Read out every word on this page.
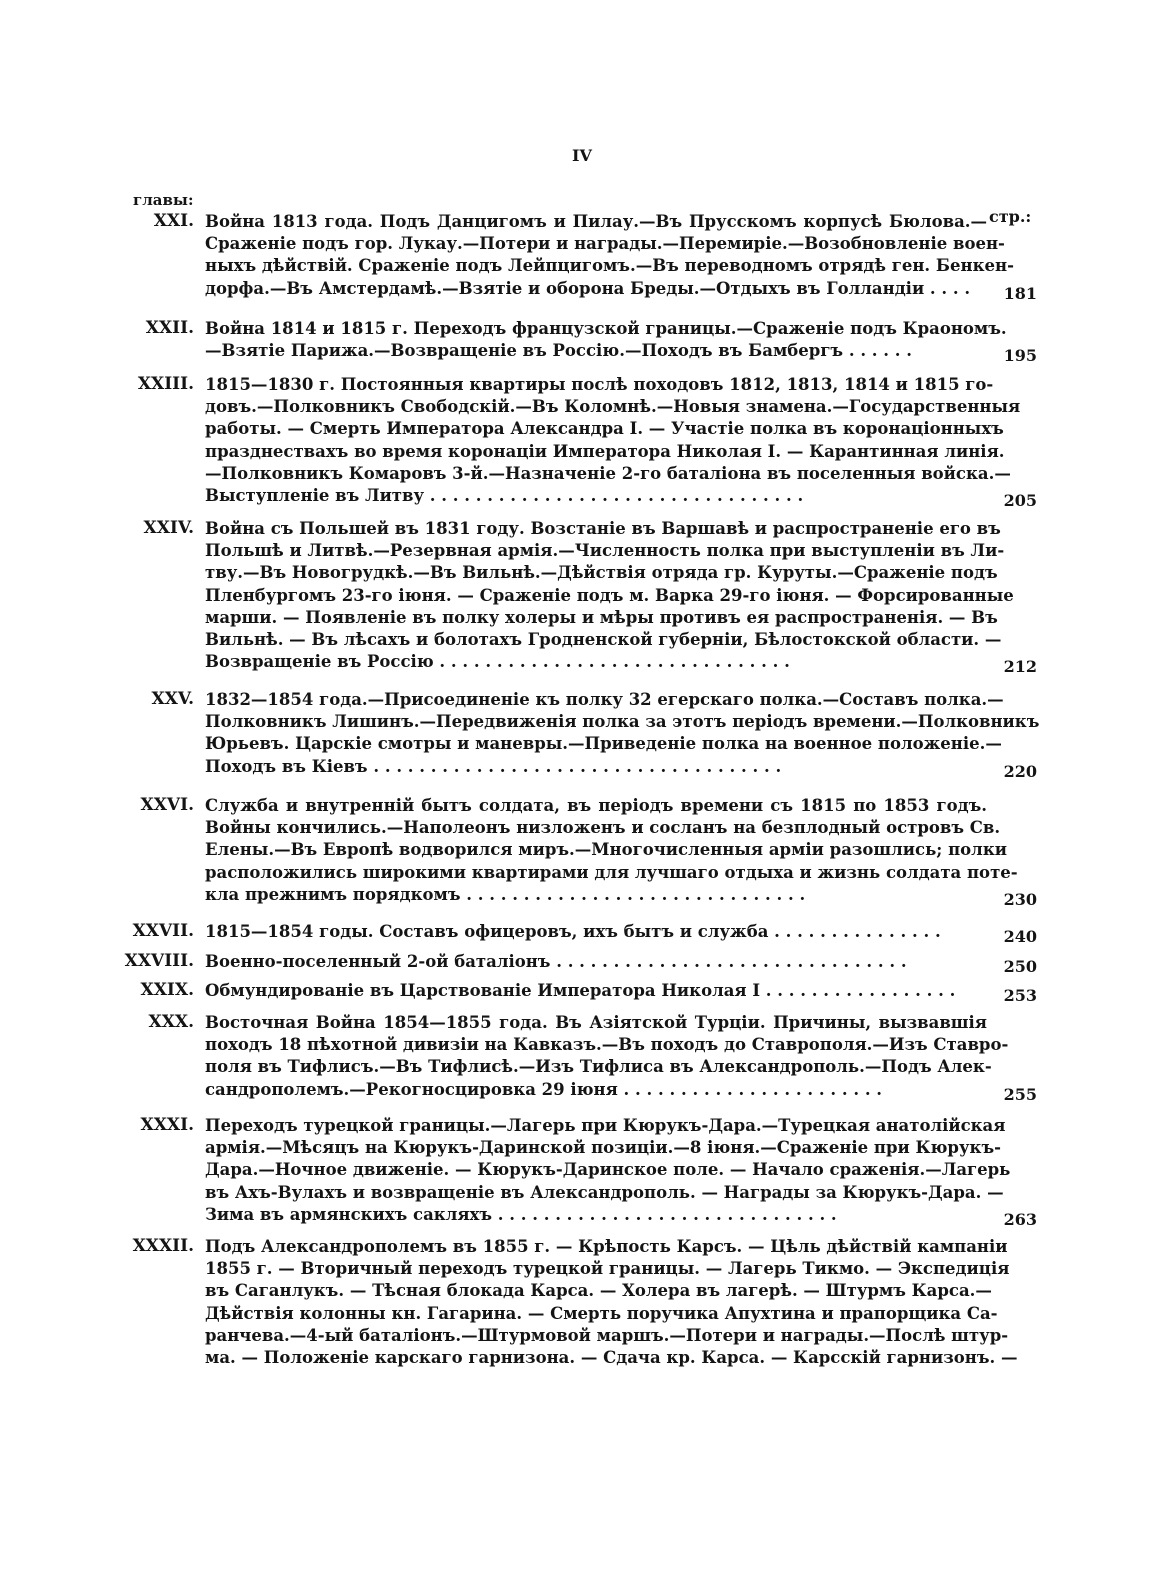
IV
главы:
стр.:
XXI. Война 1813 года. Подъ Данцигомъ и Пилау.—Въ Прусскомъ корпусѣ Бюлова.—
Сраженіе подъ гор. Лукау.—Потери и награды.—Перемиріе.—Возобновленіе воен-
ныхъ дѣйствій. Сраженіе подъ Лейпцигомъ.—Въ переводномъ отрядѣ ген. Бенкен-
дорфа.—Въ Амстердамѣ.—Взятіе и оборона Бреды.—Отдыхъ въ Голландіи . . . .	181
XXII. Война 1814 и 1815 г. Переходъ французской границы.—Сраженіе подъ Краономъ.
—Взятіе Парижа.—Возвращеніе въ Россію.—Походъ въ Бамбергъ . . . . . .	195
XXIII. 1815—1830 г. Постоянныя квартиры послѣ походовъ 1812, 1813, 1814 и 1815 го-
довъ.—Полковникъ Свободскій.—Въ Коломнѣ.—Новыя знамена.—Государственныя
работы. — Смерть Императора Александра I. — Участіе полка въ коронаціонныхъ
празднествахъ во время коронаціи Императора Николая I. — Карантинная линія.
—Полковникъ Комаровъ 3-й.—Назначеніе 2-го баталіона въ поселенныя войска.—
Выступленіе въ Литву . . . . . . . . . . . . . . . . . . . . . . . . . . . . . . . . .	205
XXIV. Война съ Польшей въ 1831 году. Возстаніе въ Варшавѣ и распространеніе его въ
Польшѣ и Литвѣ.—Резервная армія.—Численность полка при выступленіи въ Ли-
тву.—Въ Новогрудкѣ.—Въ Вильнѣ.—Дѣйствія отряда гр. Куруты.—Сраженіе подъ
Пленбургомъ 23-го іюня. — Сраженіе подъ м. Варка 29-го іюня. — Форсированные
марши. — Появленіе въ полку холеры и мѣры противъ ея распространенія. — Въ
Вильнѣ. — Въ лѣсахъ и болотахъ Гродненской губерніи, Бѣлостокской области. —
Возвращеніе въ Россію . . . . . . . . . . . . . . . . . . . . . . . . . . . . . . .	212
XXV. 1832—1854 года.—Присоединеніе къ полку 32 егерскаго полка.—Составъ полка.—
Полковникъ Лишинъ.—Передвиженія полка за этотъ періодъ времени.—Полковникъ
Юрьевъ. Царскіе смотры и маневры.—Приведеніе полка на военное положеніе.—
Походъ въ Кіевъ . . . . . . . . . . . . . . . . . . . . . . . . . . . . . . . . . . . .	220
XXVI. Служба и внутренній бытъ солдата, въ періодъ времени съ 1815 по 1853 годъ.
Войны кончились.—Наполеонъ низложенъ и сосланъ на безплодный островъ Св.
Елены.—Въ Европѣ водворился миръ.—Многочисленныя арміи разошлись; полки
расположились широкими квартирами для лучшаго отдыха и жизнь солдата поте-
кла прежнимъ порядкомъ . . . . . . . . . . . . . . . . . . . . . . . . . . . . . .	230
XXVII. 1815—1854 годы. Составъ офицеровъ, ихъ бытъ и служба . . . . . . . . . . . . . . .	240
XXVIII. Военно-поселенный 2-ой баталіонъ . . . . . . . . . . . . . . . . . . . . . . . . . . . . . . .	250
XXIX. Обмундированіе въ Царствованіе Императора Николая I . . . . . . . . . . . . . . . . .	253
XXX. Восточная Война 1854—1855 года. Въ Азіятской Турціи. Причины, вызвавшія
походъ 18 пѣхотной дивизіи на Кавказъ.—Въ походъ до Ставрополя.—Изъ Ставро-
поля въ Тифлисъ.—Въ Тифлисѣ.—Изъ Тифлиса въ Александрополь.—Подъ Алек-
сандрополемъ.—Рекогносцировка 29 іюня . . . . . . . . . . . . . . . . . . . . . . .	255
XXXI. Переходъ турецкой границы.—Лагерь при Кюрукъ-Дара.—Турецкая анатолійская
армія.—Мѣсяцъ на Кюрукъ-Даринской позиціи.—8 іюня.—Сраженіе при Кюрукъ-
Дара.—Ночное движеніе. — Кюрукъ-Даринское поле. — Начало сраженія.—Лагерь
въ Ахъ-Вулахъ и возвращеніе въ Александрополь. — Награды за Кюрукъ-Дара. —
Зима въ армянскихъ сакляхъ . . . . . . . . . . . . . . . . . . . . . . . . . . . . . .	263
XXXII. Подъ Александрополемъ въ 1855 г. — Крѣпость Карсъ. — Цѣль дѣйствій кампаніи
1855 г. — Вторичный переходъ турецкой границы. — Лагерь Тикмо. — Экспедиція
въ Саганлукъ. — Тѣсная блокада Карса. — Холера въ лагерѣ. — Штурмъ Карса.—
Дѣйствія колонны кн. Гагарина. — Смерть поручика Апухтина и прапорщика Са-
ранчева.—4-ый баталіонъ.—Штурмовой маршъ.—Потери и награды.—Послѣ штур-
ма. — Положеніе карскаго гарнизона. — Сдача кр. Карса. — Карсскій гарнизонъ. —
